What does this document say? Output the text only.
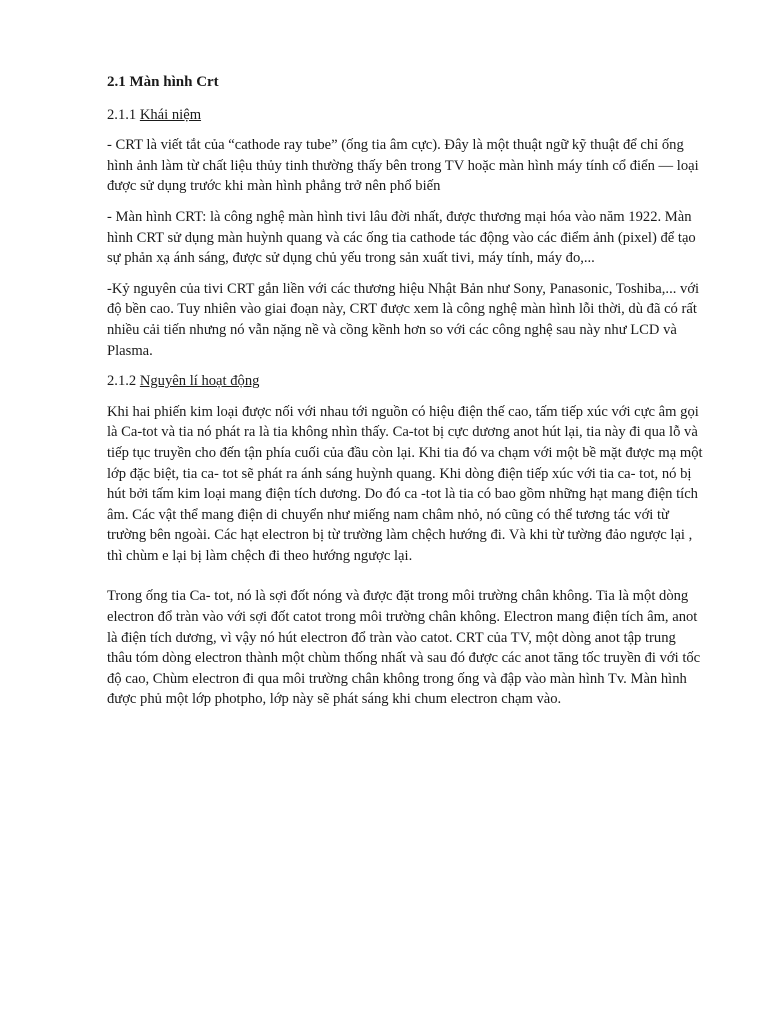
2.1 Màn hình Crt
2.1.1 Khái niệm

- CRT là viết tắt của “cathode ray tube” (ống tia âm cực). Đây là một thuật ngữ kỹ thuật để chỉ ống hình ảnh làm từ chất liệu thủy tinh thường thấy bên trong TV hoặc màn hình máy tính cổ điển — loại được sử dụng trước khi màn hình phẳng trở nên phổ biến

- Màn hình CRT: là công nghệ màn hình tivi lâu đời nhất, được thương mại hóa vào năm 1922. Màn hình CRT sử dụng màn huỳnh quang và các ống tia cathode tác động vào các điểm ảnh (pixel) để tạo sự phản xạ ánh sáng, được sử dụng chủ yếu trong sản xuất tivi, máy tính, máy đo,...

-Kỷ nguyên của tivi CRT gắn liền với các thương hiệu Nhật Bản như Sony, Panasonic, Toshiba,... với độ bền cao. Tuy nhiên vào giai đoạn này, CRT được xem là công nghệ màn hình lỗi thời, dù đã có rất nhiều cải tiến nhưng nó vẫn nặng nề và cồng kềnh hơn so với các công nghệ sau này như LCD và Plasma.

2.1.2 Nguyên lí hoạt động

Khi hai phiến kim loại được nối với nhau tới nguồn có hiệu điện thế cao, tấm tiếp xúc với cực âm gọi là Ca-tot và tia nó phát ra là tia không nhìn thấy. Ca-tot bị cực dương anot hút lại, tia này đi qua lỗ và tiếp tục truyền cho đến tận phía cuối của đầu còn lại. Khi tia đó va chạm với một bề mặt được mạ một lớp đặc biệt, tia ca- tot sẽ phát ra ánh sáng huỳnh quang. Khi dòng điện tiếp xúc với tia ca- tot, nó bị hút bởi tấm kim loại mang điện tích dương. Do đó ca -tot là tia có bao gồm những hạt mang điện tích âm. Các vật thể mang điện di chuyển như miếng nam châm nhỏ, nó cũng có thể tương tác với từ trường bên ngoài. Các hạt electron bị từ trường làm chệch hướng đi. Và khi từ tường đảo ngược lại , thì chùm e lại bị làm chệch đi theo hướng ngược lại.

Trong ống tia Ca- tot, nó là sợi đốt nóng và được đặt trong môi trường chân không. Tia là một dòng electron đổ tràn vào với sợi đốt catot trong môi trường chân không. Electron mang điện tích âm, anot là điện tích dương, vì vậy nó hút electron đổ tràn vào catot. CRT của TV, một dòng anot tập trung thâu tóm dòng electron thành một chùm thống nhất và sau đó được các anot tăng tốc truyền đi với tốc độ cao, Chùm electron đi qua môi trường chân không trong ống và đập vào màn hình Tv. Màn hình được phủ một lớp photpho, lớp này sẽ phát sáng khi chum electron chạm vào.
